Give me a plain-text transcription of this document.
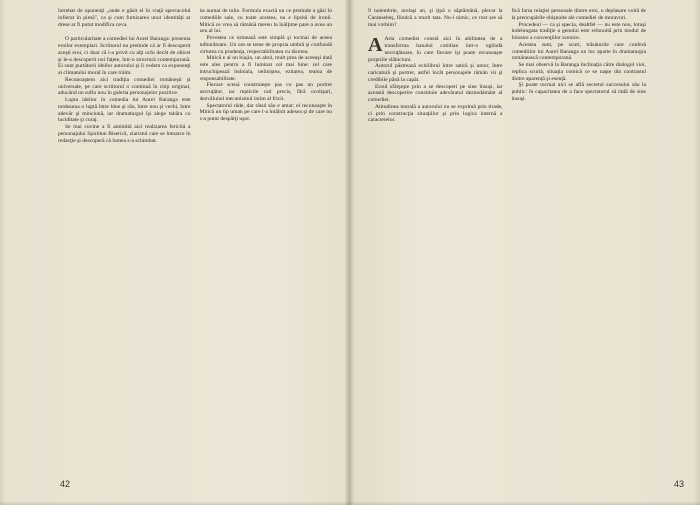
întrebat de oponenţi „unde e gâsit el în viaţă spectacolul infierat în piesă", ca şi cum furnizarea unor identităţi ar drese ar fi putut modifica ceva.

O particularitate a comediei lui Aurel Baranga: prezenta eroilor exemplari. Scriitorul nu pretinde că ar fi descoperit aceşti eroi, ci doar că i-a privit cu alţi ochi decât de obicei şi le-a descoperit noi faţete, într-o structură contemporană. Ei sunt purtătorii ideilor autorului şi îi vedem ca exponenţi ai climatului moral în care trăim.

Recunoaştem aici tradiţia comediei româneşti şi universale, pe care scriitorul o continuă în chip original, aducând un suflu nou în galeria personajelor pozitive.

Lupta ideilor în comedia lui Aurel Baranga este totdeauna o luptă între bine şi rău, între nou şi vechi, între adevăr şi minciună, iar dramaturgul îşi alege tabăra cu luciditate şi curaj.

Se mai cuvine a fi amintită aici realizarea fericită a personajului Spiridon Bisericã, ziaristul care se întoarce în redacţie şi descoperă că lumea s-a schimbat.

ba numai de tulie. Formula exactă un ce pretinde a găsi în comediile sale, cu toate acestea, nu e lipsită de ironii. Mitică ce vrea să rămână mereu la înălţime pare a avea un zeu al lui.

Povestea ce urmează este simplă şi tocmai de aceea tulburătoare. Un om se teme de propria umbră şi confundă virtutea cu prudenţa, respectabilitatea cu tăcerea.

Mitică e al un biajin, un altul, mult prea de aceeaşi dată este ales pentru a fi luminat cel mai bine: cel care întruchipează îndoiala, neliniştea, ezitarea, teama de responsabilitate.

Fiecare scenă construieşte pas cu pas un portret necruţător, iar replicile cad precis, fără ocolişuri, dezvăluind mecanismul intim al fricii.

Spectatorul râde, dar râsul său e amar; el recunoaşte în Mitică un tip uman pe care l-a întâlnit adesea şi de care nu s-a putut despărţi uşor.

42

9 noiembrie, acelaşi an, şi ţipă o săptămână, plecat la Caransebeş, fiindcă a murit tata. Nu-i nimic, ce rost are să mai vorbim?

A Arta comediei constă aici în abilitatea de a transforma banalul cotidian într-o oglindă necruţătoare, în care fiecare îşi poate recunoaşte propriile slăbiciuni.

Autorul păstrează echilibrul între satiră şi umor, între caricatură şi portret, astfel încât personajele rămân vii şi credibile până la capăt.

Eroul sfârşeşte prin a se descoperi pe sine însuşi, iar această descoperire constituie adevăratul deznodământ al comediei.

Atitudinea morală a autorului nu se exprimă prin tirade, ci prin construcţia situaţiilor şi prin logica internă a caracterelor.

fică farsa relaţiei personale dintre eroi, o deplasare voită de la preocupările obişnuite ale comediei de moravuri.

Procedeul — ca şi specia, dealtfel — nu este nou, totuşi îndelungata tradiţie a genului este reînnoită prin modul de folosire a convenţiilor scenice.

Acestea sunt, pe scurt, trăsăturile care conferă comediilor lui Aurel Baranga un loc aparte în dramaturgia românească contemporană.

Se mai observă la Baranga înclinaţia către dialogul vioi, replica scurtă, situaţia comică ce se naşte din contrastul dintre aparenţă şi esenţă.

Şi poate tocmai aici se află secretul succesului său la public: în capacitatea de a face spectatorul să râdă de sine însuşi.

43
